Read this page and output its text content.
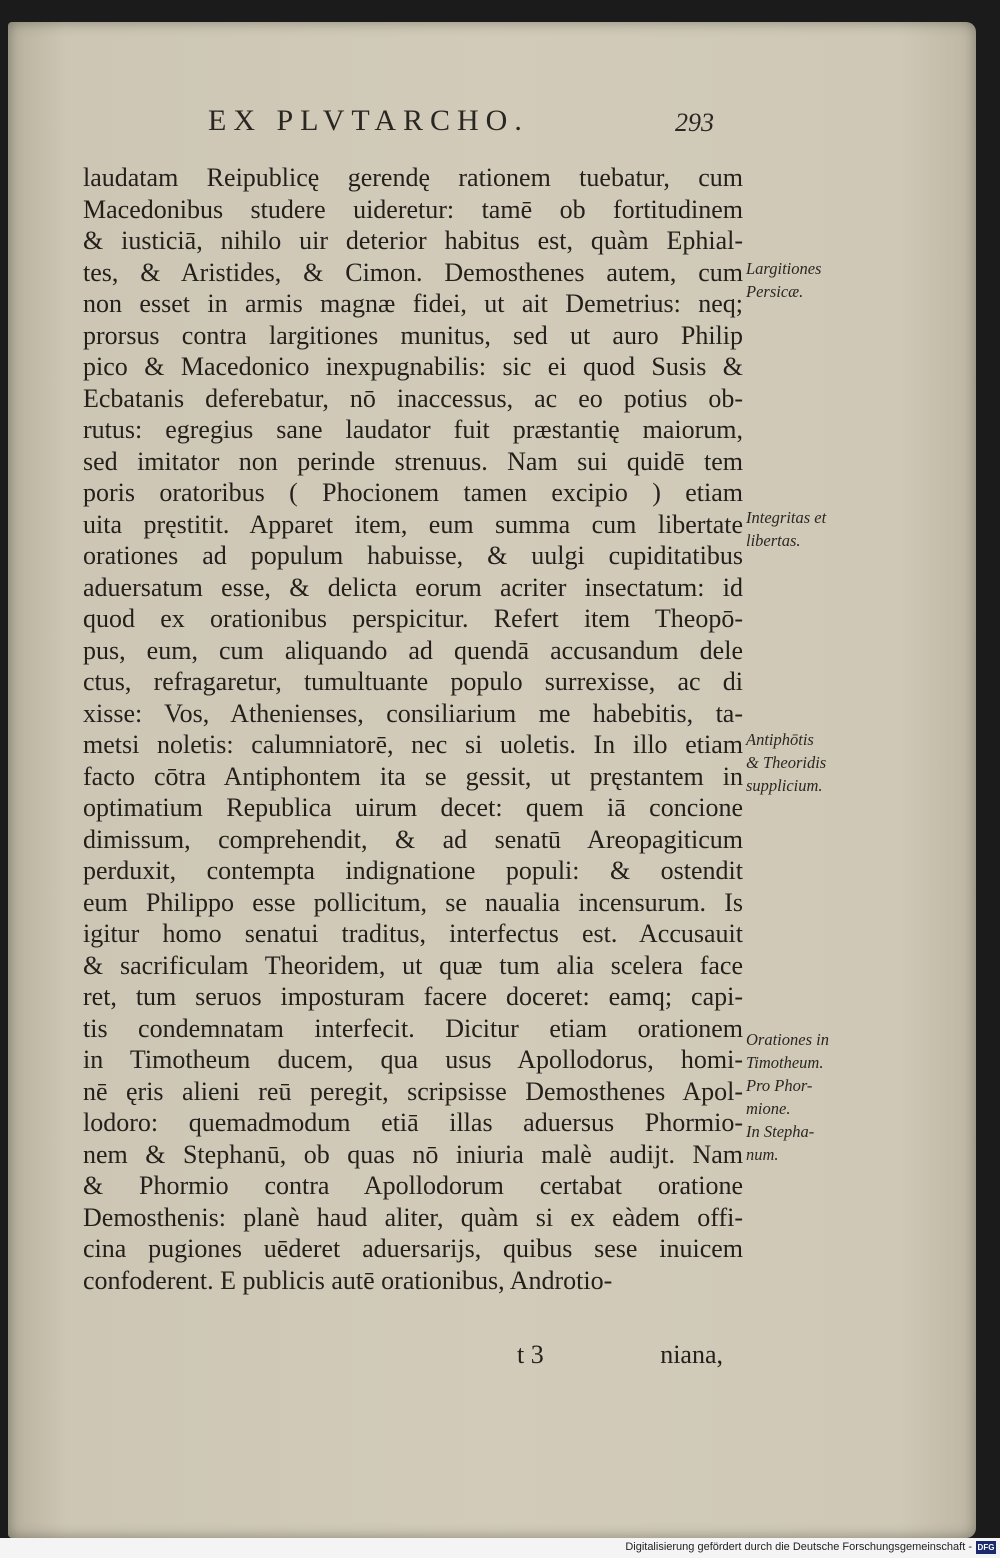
EX PLVTARCHO.	293
laudatam Reipublicę gerendę rationem tuebatur, cum
Macedonibus studere uideretur: tamē ob fortitudinem
& iusticiā, nihilo uir deterior habitus est, quàm Ephial-
tes, & Aristides, & Cimon. Demosthenes autem, cum
non esset in armis magnæ fidei, ut ait Demetrius: neq;
prorsus contra largitiones munitus, sed ut auro Philip
pico & Macedonico inexpugnabilis: sic ei quod Susis &
Ecbatanis deferebatur, nō inaccessus, ac eo potius ob-
rutus: egregius sane laudator fuit præstantię maiorum,
sed imitator non perinde strenuus. Nam sui quidē tem
poris oratoribus ( Phocionem tamen excipio ) etiam
uita pręstitit. Apparet item, eum summa cum libertate
orationes ad populum habuisse, & uulgi cupiditatibus
aduersatum esse, & delicta eorum acriter insectatum: id
quod ex orationibus perspicitur. Refert item Theopō-
pus, eum, cum aliquando ad quendā accusandum dele
ctus, refragaretur, tumultuante populo surrexisse, ac di
xisse: Vos, Athenienses, consiliarium me habebitis, ta-
metsi noletis: calumniatorē, nec si uoletis. In illo etiam
facto cōtra Antiphontem ita se gessit, ut pręstantem in
optimatium Republica uirum decet: quem iā concione
dimissum, comprehendit, & ad senatū Areopagiticum
perduxit, contempta indignatione populi: & ostendit
eum Philippo esse pollicitum, se naualia incensurum. Is
igitur homo senatui traditus, interfectus est. Accusauit
& sacrificulam Theoridem, ut quæ tum alia scelera face
ret, tum seruos imposturam facere doceret: eamq; capi-
tis condemnatam interfecit. Dicitur etiam orationem
in Timotheum ducem, qua usus Apollodorus, homi-
nē ęris alieni reū peregit, scripsisse Demosthenes Apol-
lodoro: quemadmodum etiā illas aduersus Phormio-
nem & Stephanū, ob quas nō iniuria malè audijt. Nam
& Phormio contra Apollodorum certabat oratione
Demosthenis: planè haud aliter, quàm si ex eàdem offi-
cina pugiones uēderet aduersarijs, quibus sese inuicem
confoderent. E publicis autē orationibus, Androtio-
t 3	niana,
Largitiones
Persicæ.
Integritas et
libertas.
Antiphōtis
& Theoridis
supplicium.
Orationes in
Timotheum.
Pro Phor-
mione.
In Stepha-
num.
Digitalisierung gefördert durch die Deutsche Forschungsgemeinschaft - DFG
